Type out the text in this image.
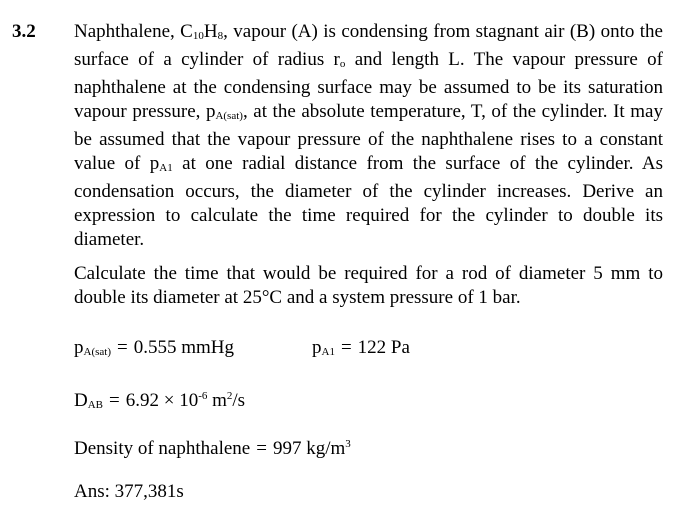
3.2 Naphthalene, C10H8, vapour (A) is condensing from stagnant air (B) onto the surface of a cylinder of radius ro and length L. The vapour pressure of naphthalene at the condensing surface may be assumed to be its saturation vapour pressure, pA(sat), at the absolute temperature, T, of the cylinder. It may be assumed that the vapour pressure of the naphthalene rises to a constant value of pA1 at one radial distance from the surface of the cylinder. As condensation occurs, the diameter of the cylinder increases. Derive an expression to calculate the time required for the cylinder to double its diameter.

Calculate the time that would be required for a rod of diameter 5 mm to double its diameter at 25°C and a system pressure of 1 bar.

pA(sat) = 0.555 mmHg	pA1 = 122 Pa
DAB = $6.92 \times 10^{-6}$ $m^2/s$
Density of naphthalene = 997 $kg/m^3$
Ans: 377,381s
